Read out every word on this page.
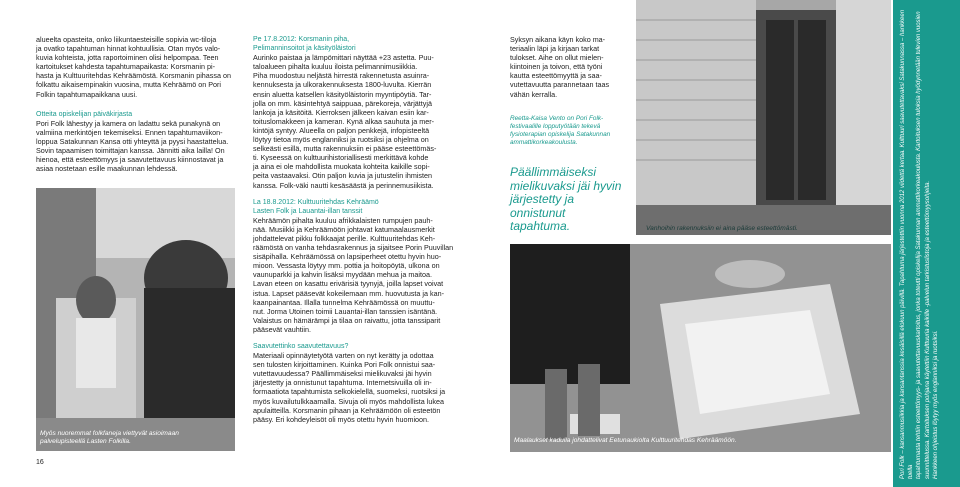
alueelta opasteita, onko liikuntaesteisille sopivia wc-tiloja
ja ovatko tapahtuman hinnat kohtuullisia. Otan myös valo-
kuvia kohteista, jotta raportoiminen olisi helpompaa. Teen
kartoitukset kahdesta tapahtumapaikasta: Korsmanin pi-
hasta ja Kulttuuritehdas Kehräämöstä. Korsmanin pihassa on
folkattu aikaisempinakin vuosina, mutta Kehräämö on Pori
Folkin tapahtumapaikkana uusi.

Otteita opiskelijan päiväkirjasta

Pori Folk lähestyy ja kamera on ladattu sekä punakynä on
valmiina merkintöjen tekemiseksi. Ennen tapahtumaviikon-
loppua Satakunnan Kansa otti yhteyttä ja pyysi haastattelua.
Sovin tapaamisen toimittajan kanssa. Jännitti aika lailla! On
hienoa, että esteettömyys ja saavutettavuus kiinnostavat ja
asiaa nostetaan esille maakunnan lehdessä.

Myös nuoremmat folkfaneja viettyvät asioimaan
palvelupisteellä Lasten Folkilla.
16

Pe 17.8.2012: Korsmanin piha,

Pelimanninsoitot ja käsityöläistori

Aurinko paistaa ja lämpömittari näyttää +23 astetta. Puu-
taloalueen pihalta kuuluu iloista pelimannimusiikkia.
Piha muodostuu neljästä hirrestä rakennetusta asuinra-
kennuksesta ja ulkorakennuksesta 1800-luvulta. Kierrän
ensin aluetta katsellen käsityöläistorin myyntipöytiä. Tar-
jolla on mm. käsintehtyä saippuaa, pärekoreja, värjättyjä
lankoja ja käsitöitä. Kierroksen jälkeen kaivan esiin kar-
toituslomakkeen ja kameran. Kynä alkaa sauhuta ja mer-
kintöjä syntyy. Alueella on paljon penkkejä, infopisteeltä
löytyy tietoa myös englanniksi ja ruotsiksi ja ohjelma on
selkeästi esillä, mutta rakennuksiin ei pääse esteettömäs-
ti. Kyseessä on kulttuurihistoriallisesti merkittävä kohde
ja aina ei ole mahdollista muokata kohteita kaikille sopi-
peita vastaavaksi. Otin paljon kuvia ja jutustelin ihmisten
kanssa. Folk-väki nautti kesäsäästä ja perinnemusiikista.

La 18.8.2012: Kulttuuritehdas Kehräämö

Lasten Folk ja Lauantai-illan tanssit

Kehräämön pihalta kuuluu afrikkalaisten rumpujen pauh-
nää. Musiikki ja Kehräämöön johtavat katumaalausmerkit
johdattelevat pikku folkkaajat perille. Kulttuuritehdas Keh-
räämöstä on vanha tehdasrakennus ja sijaitsee Porin Puuvillan
sisäpihalla. Kehräämössä on lapsiperheet otettu hyvin huo-
mioon. Vessasta löytyy mm. pottia ja hoitopöytä, ulkona on
vaunuparkki ja kahvin lisäksi myydään mehua ja maitoa.
Lavan eteen on kasattu erivärisiä tyynyjä, joilla lapset voivat
istua. Lapset pääsevät kokeilemaan mm. huovutusta ja kan-
kaanpainantaa. Illalla tunnelma Kehräämössä on muuttu-
nut. Jorma Utoinen toimii Lauantai-illan tanssien isäntänä.
Valaistus on hämärämpi ja tilaa on raivattu, jotta tanssiparit
pääsevät vauhtiin.

Saavutettinko saavutettavuus?

Materiaali opinnäytetyötä varten on nyt kerätty ja odottaa
sen tulosten kirjoittaminen. Kuinka Pori Folk onnistui saa-
vutettavuudessa? Päällimmäiseksi mielikuvaksi jäi hyvin
järjestetty ja onnistunut tapahtuma. Internetsivuilla oli in-
formaatiota tapahtumista selkokielellä, suomeksi, ruotsiksi ja
myös kuvailutulkkaamalla. Sivuja oli myös mahdollista lukea
apulaitteilla. Korsmanin pihaan ja Kehräämöön oli esteetön
pääsy. Eri kohdeyleisöt oli myös otettu hyvin huomioon.

Syksyn aikana käyn koko ma-
teriaalin läpi ja kirjaan tarkat
tulokset. Aihe on ollut mielen-
kiintoinen ja toivon, että työni
kautta esteettömyyttä ja saa-
vutettavuutta parannetaan taas
vähän kerralla.

Reetta-Kaisa Vento on Pori Folk-
festivaalille lopputyötään tekevä
fysioterapian opiskelija Satakunnan
ammattikorkeakoulusta.
Päällimmäiseksi
mielikuvaksi jäi hyvin
järjestetty ja onnistunut
tapahtuma.	Vanhoihin rakennuksiin ei aina pääse esteettömästi.
Maalaukset kadulla johdattelivat Eetunaukiolta Kulttuuritehdas Kehräämöön.

Pori Folk – kansanmusiikkia ja kansantanssia kesäisillä elokuun päivillä. Tapahtuma järjestettiin vuonna 2012 viidettä kertaa. Kulttuuri saavutettavaksi Satakunnassa – hankkeen tuella
tapahtumasta tehtiin esteettömyys- ja saavutettavuuskartoitus, jonka toteutti opiskelija Satakunnan ammattikorkeakoulusta. Kartoituksen tuloksia hyödynnetään tulevien vuosien
suunnittelussa. Kartoituksen pohjana käytettiin Kulttuuria kaikille -palvelun tarkistuslistoja ja esteettömyysohjeita.
Hankkeen ohjeistus löytyy myös englanniksi ja ruotsiksi.
